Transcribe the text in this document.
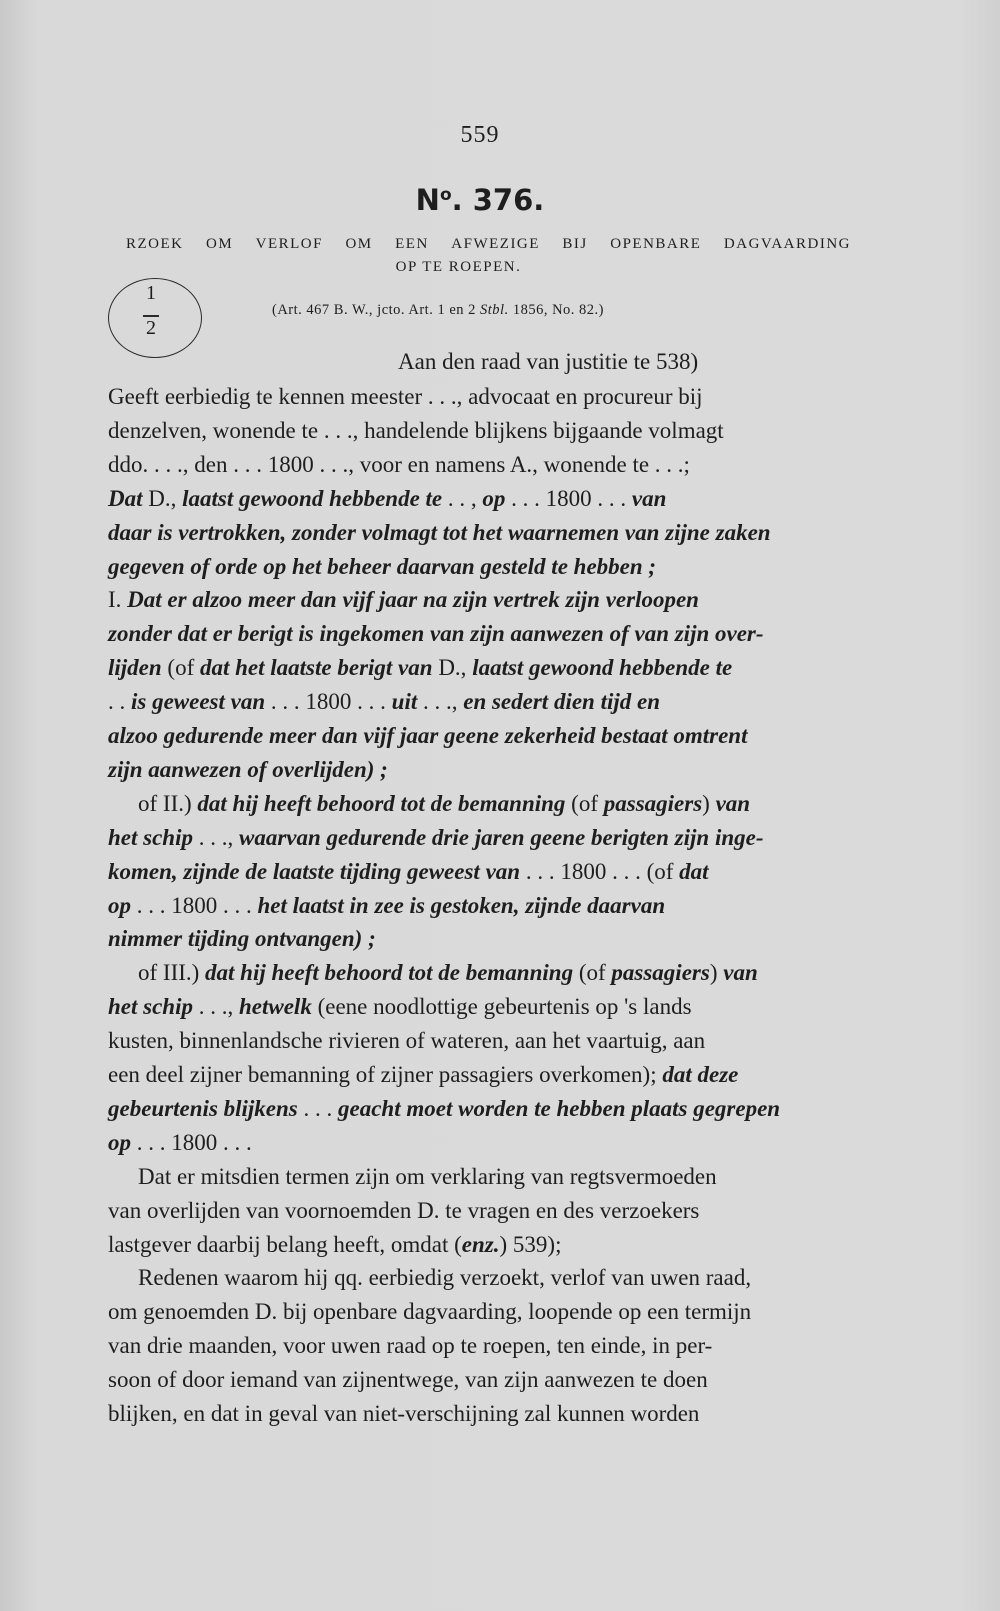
559
$N^o$. 376.
RZOEK OM VERLOF OM EEN AFWEZIGE BIJ OPENBARE DAGVAARDING
OP TE ROEPEN.
1
2
(Art. 467 B. W., jcto. Art. 1 en 2 Stbl. 1856, No. 82.)
Aan den raad van justitie te 538)
Geeft eerbiedig te kennen meester . . ., advocaat en procureur bij
denzelven, wonende te . . ., handelende blijkens bijgaande volmagt
ddo. . . ., den . . . 1800 . . ., voor en namens A., wonende te . . .;
Dat D., laatst gewoond hebbende te . . , op . . . 1800 . . . van
daar is vertrokken, zonder volmagt tot het waarnemen van zijne zaken
gegeven of orde op het beheer daarvan gesteld te hebben ;
I. Dat er alzoo meer dan vijf jaar na zijn vertrek zijn verloopen
zonder dat er berigt is ingekomen van zijn aanwezen of van zijn over-
lijden (of dat het laatste berigt van D., laatst gewoond hebbende te
. . is geweest van . . . 1800 . . . uit . . ., en sedert dien tijd en
alzoo gedurende meer dan vijf jaar geene zekerheid bestaat omtrent
zijn aanwezen of overlijden) ;
of II.) dat hij heeft behoord tot de bemanning (of passagiers) van
het schip . . ., waarvan gedurende drie jaren geene berigten zijn inge-
komen, zijnde de laatste tijding geweest van . . . 1800 . . . (of dat
op . . . 1800 . . . het laatst in zee is gestoken, zijnde daarvan
nimmer tijding ontvangen) ;
of III.) dat hij heeft behoord tot de bemanning (of passagiers) van
het schip . . ., hetwelk (eene noodlottige gebeurtenis op 's lands
kusten, binnenlandsche rivieren of wateren, aan het vaartuig, aan
een deel zijner bemanning of zijner passagiers overkomen); dat deze
gebeurtenis blijkens . . . geacht moet worden te hebben plaats gegrepen
op . . . 1800 . . .
Dat er mitsdien termen zijn om verklaring van regtsvermoeden
van overlijden van voornoemden D. te vragen en des verzoekers
lastgever daarbij belang heeft, omdat (enz.) 539);
Redenen waarom hij qq. eerbiedig verzoekt, verlof van uwen raad,
om genoemden D. bij openbare dagvaarding, loopende op een termijn
van drie maanden, voor uwen raad op te roepen, ten einde, in per-
soon of door iemand van zijnentwege, van zijn aanwezen te doen
blijken, en dat in geval van niet-verschijning zal kunnen worden
